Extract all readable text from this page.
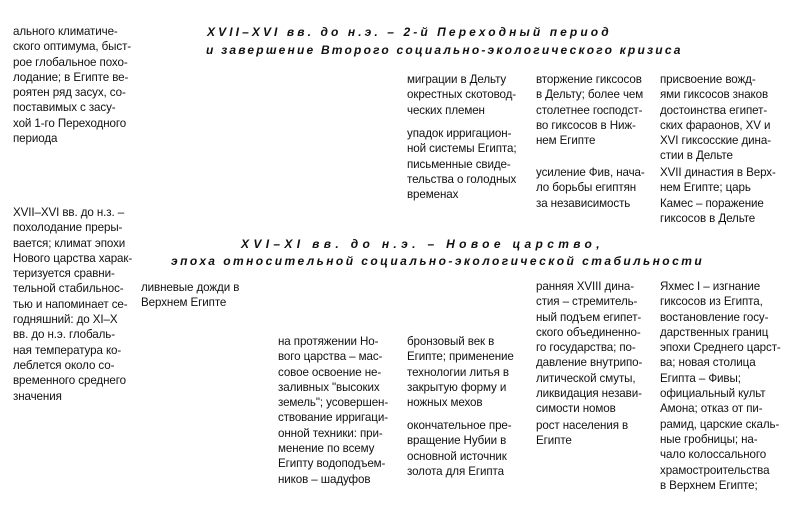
XVII–XVI вв. до н.э. – 2-й Переходный период
и завершение Второго социально-экологического кризиса
XVI–XI вв. до н.э. – Новое царство,
эпоха относительной социально-экологической стабильности
ального климатиче-
ского оптимума, быст-
рое глобальное похо-
лодание; в Египте ве-
роятен ряд засух, со-
поставимых с засу-
хой 1-го Переходного
периода
XVII–XVI вв. до н.з. –
похолодание преры-
вается; климат эпохи
Нового царства харак-
теризуется сравни-
тельной стабильнос-
тью и напоминает се-
годняшний: до XI–X
вв. до н.э. глобаль-
ная температура ко-
леблется около со-
временного среднего
значения
ливневые дожди в
Верхнем Египте
на протяжении Но-
вого царства – мас-
совое освоение не-
заливных "высоких
земель"; усовершен-
ствование ирригаци-
онной техники: при-
менение по всему
Египту водоподъем-
ников – шадуфов
миграции в Дельту
окрестных скотовод-
ческих племен
упадок ирригацион-
ной системы Египта;
письменные свиде-
тельства о голодных
временах
бронзовый век в
Египте; применение
технологии литья в
закрытую форму и
ножных мехов
окончательное пре-
вращение Нубии в
основной источник
золота для Египта
вторжение гиксосов
в Дельту; более чем
столетнее господст-
во гиксосов в Ниж-
нем Египте
усиление Фив, нача-
ло борьбы египтян
за независимость
ранняя XVIII дина-
стия – стремитель-
ный подъем египет-
ского объединенно-
го государства; по-
давление внутрипо-
литической смуты,
ликвидация незави-
симости номов
рост населения в
Египте
присвоение вожд-
ями гиксосов знаков
достоинства египет-
ских фараонов, XV и
XVI гиксосские дина-
стии в Дельте
XVII династия в Верх-
нем Египте; царь
Камес – поражение
гиксосов в Дельте
Яхмес I – изгнание
гиксосов из Египта,
востановление госу-
дарственных границ
эпохи Среднего царст-
ва; новая столица
Египта – Фивы;
официальный культ
Амона; отказ от пи-
рамид, царские скаль-
ные гробницы; на-
чало колоссального
храмостроительства
в Верхнем Египте;
